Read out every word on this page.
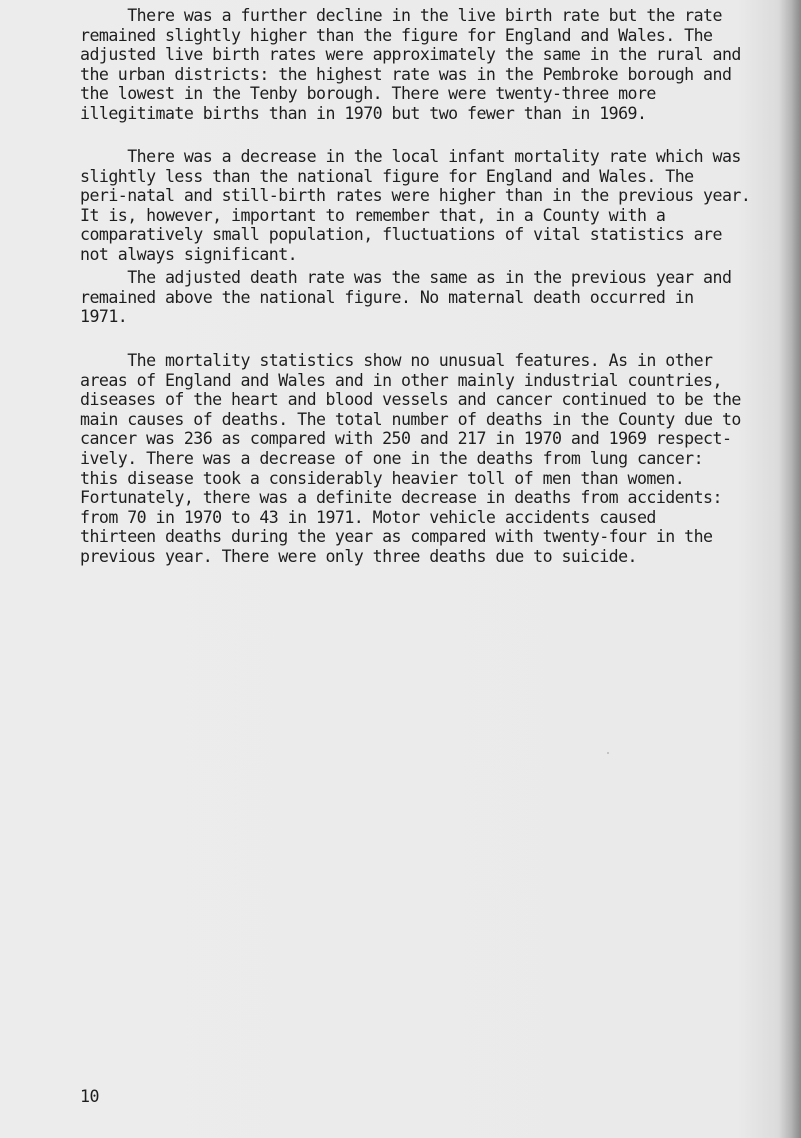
There was a further decline in the live birth rate but the rate
remained slightly higher than the figure for England and Wales. The
adjusted live birth rates were approximately the same in the rural and
the urban districts: the highest rate was in the Pembroke borough and
the lowest in the Tenby borough. There were twenty-three more
illegitimate births than in 1970 but two fewer than in 1969.

There was a decrease in the local infant mortality rate which was
slightly less than the national figure for England and Wales. The
peri-natal and still-birth rates were higher than in the previous year.
It is, however, important to remember that, in a County with a
comparatively small population, fluctuations of vital statistics are
not always significant.

The adjusted death rate was the same as in the previous year and
remained above the national figure. No maternal death occurred in
1971.

The mortality statistics show no unusual features. As in other
areas of England and Wales and in other mainly industrial countries,
diseases of the heart and blood vessels and cancer continued to be the
main causes of deaths. The total number of deaths in the County due to
cancer was 236 as compared with 250 and 217 in 1970 and 1969 respect-
ively. There was a decrease of one in the deaths from lung cancer:
this disease took a considerably heavier toll of men than women.
Fortunately, there was a definite decrease in deaths from accidents:
from 70 in 1970 to 43 in 1971. Motor vehicle accidents caused
thirteen deaths during the year as compared with twenty-four in the
previous year. There were only three deaths due to suicide.

10
